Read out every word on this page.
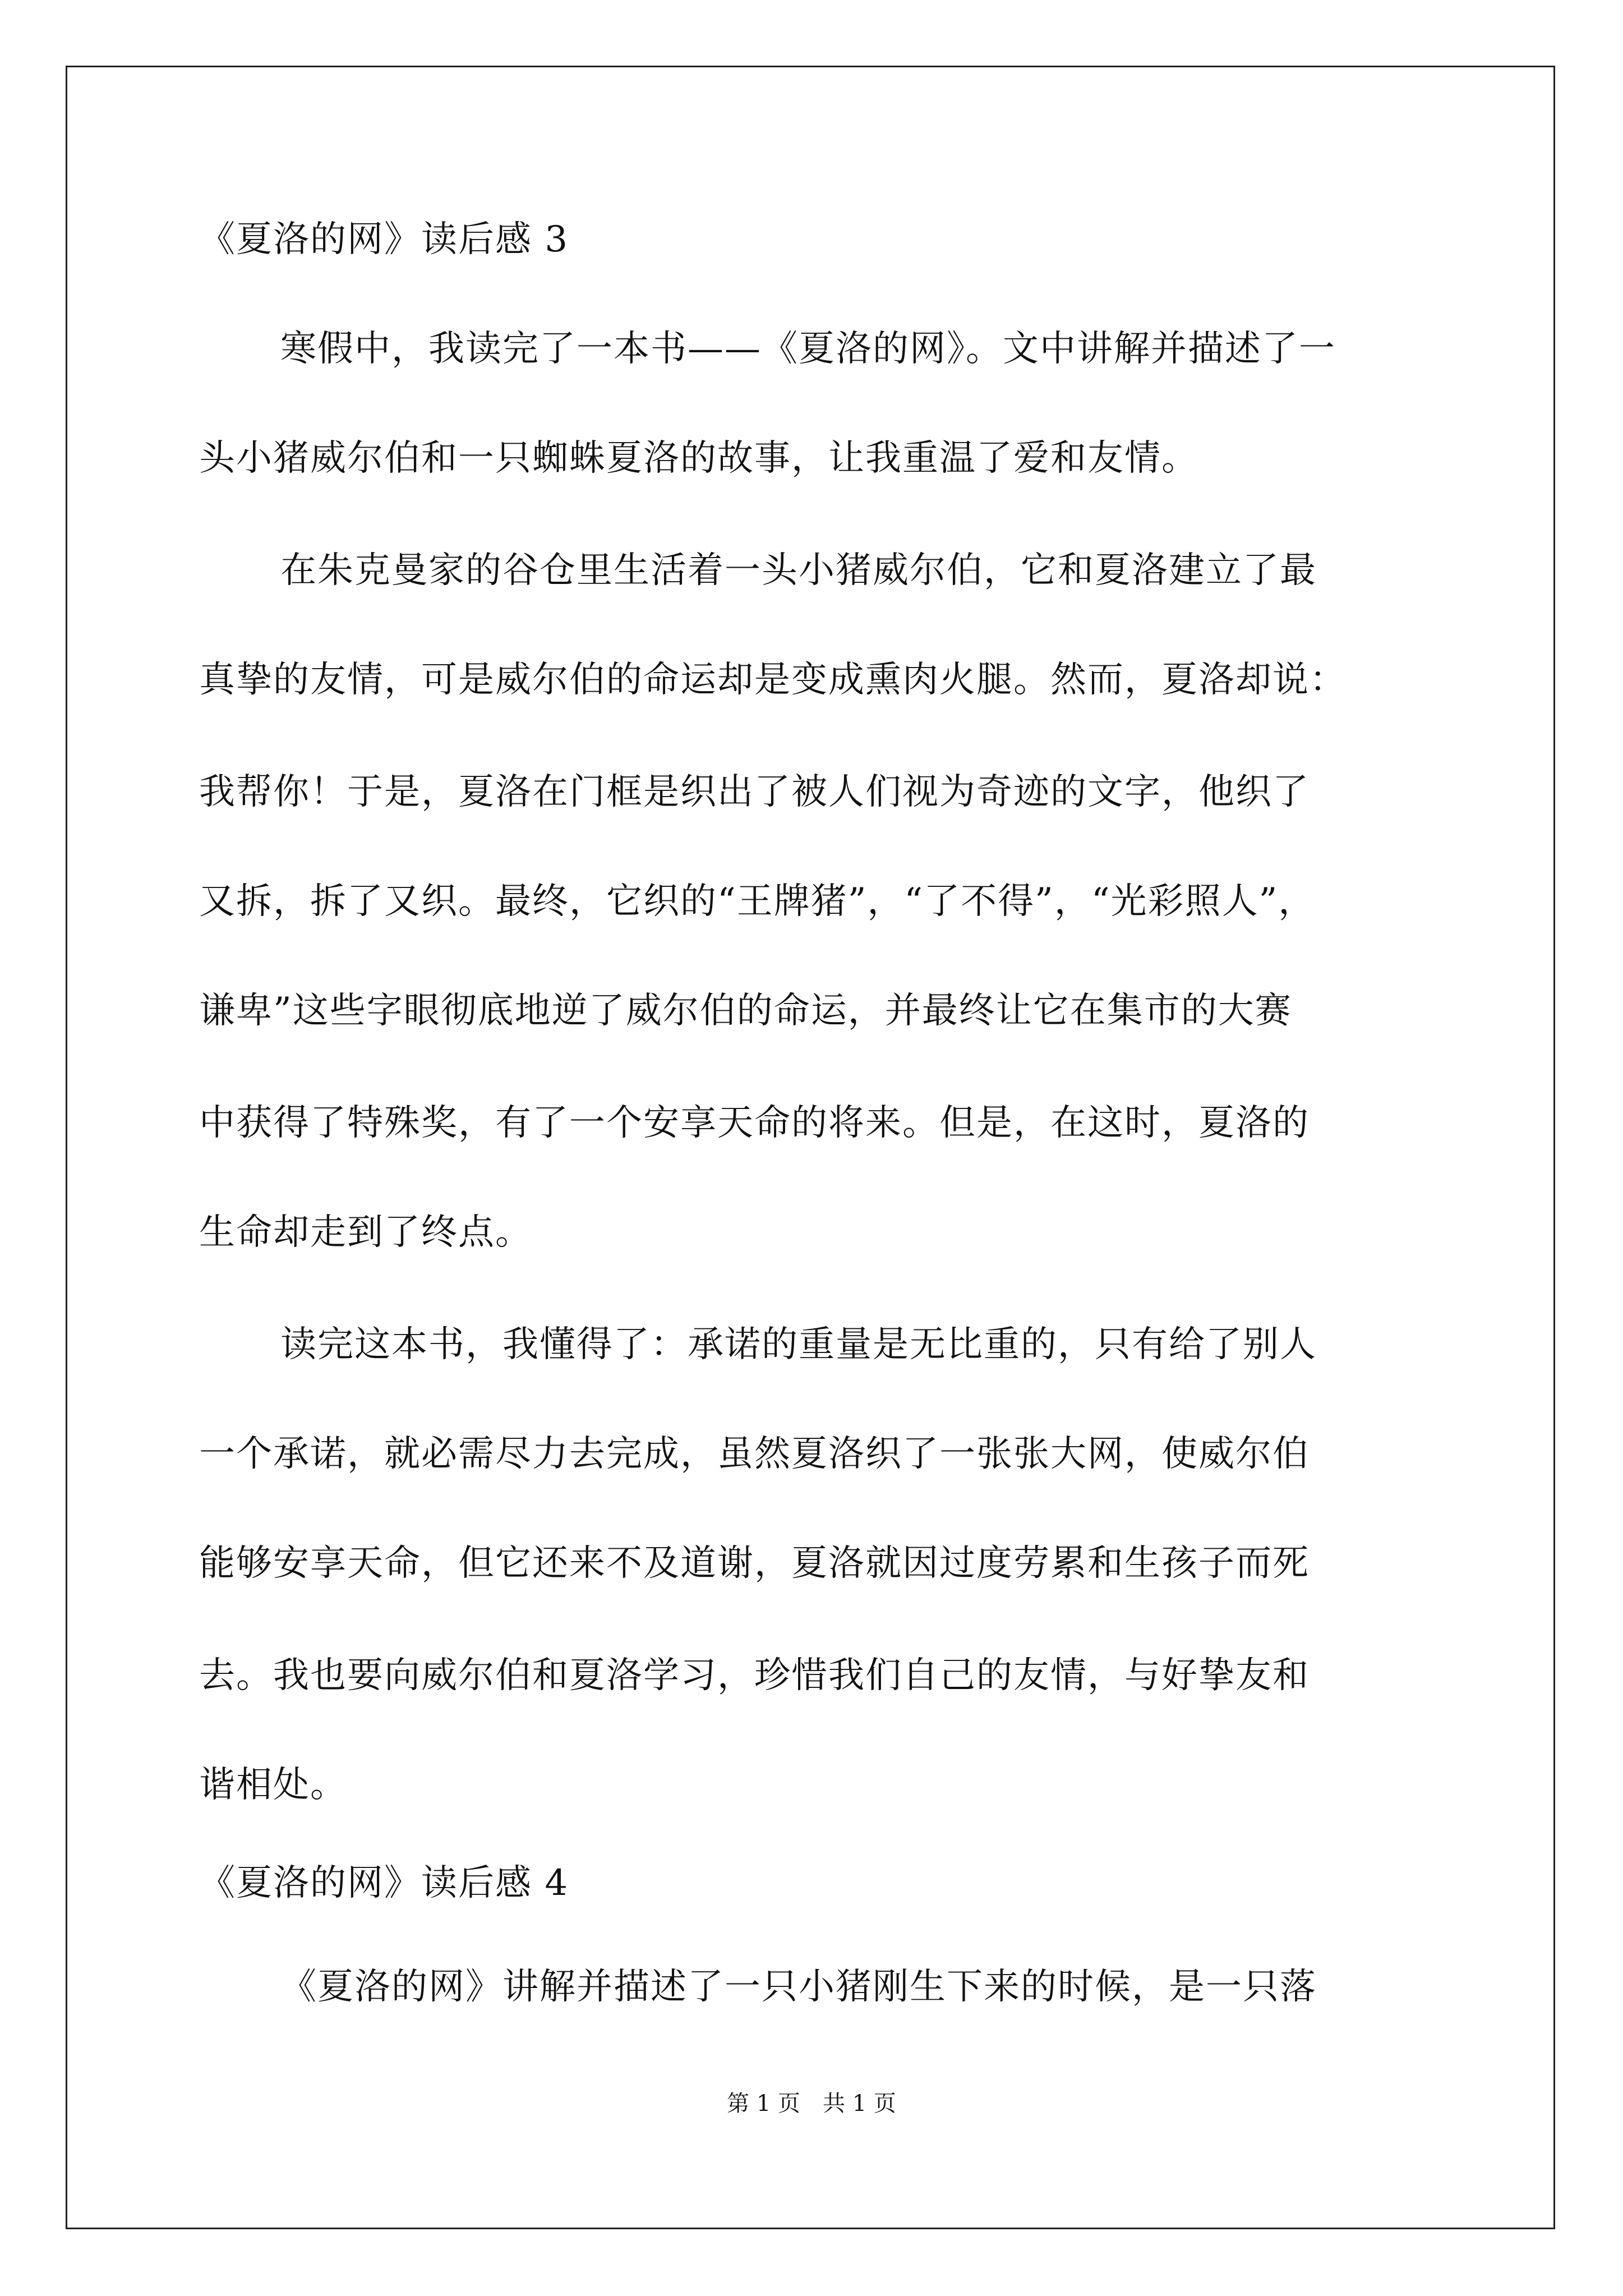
《夏洛的网》读后感 3
寒假中，我读完了一本书——《夏洛的网》。文中讲解并描述了一
头小猪威尔伯和一只蜘蛛夏洛的故事，让我重温了爱和友情。
在朱克曼家的谷仓里生活着一头小猪威尔伯，它和夏洛建立了最
真挚的友情，可是威尔伯的命运却是变成熏肉火腿。然而，夏洛却说：
我帮你！于是，夏洛在门框是织出了被人们视为奇迹的文字，他织了
又拆，拆了又织。最终，它织的“王牌猪”，“了不得”，“光彩照人”，
谦卑”这些字眼彻底地逆了威尔伯的命运，并最终让它在集市的大赛
中获得了特殊奖，有了一个安享天命的将来。但是，在这时，夏洛的
生命却走到了终点。
读完这本书，我懂得了：承诺的重量是无比重的，只有给了别人
一个承诺，就必需尽力去完成，虽然夏洛织了一张张大网，使威尔伯
能够安享天命，但它还来不及道谢，夏洛就因过度劳累和生孩子而死
去。我也要向威尔伯和夏洛学习，珍惜我们自己的友情，与好挚友和
谐相处。
《夏洛的网》读后感 4
《夏洛的网》讲解并描述了一只小猪刚生下来的时候，是一只落
第 1 页　共 1 页
